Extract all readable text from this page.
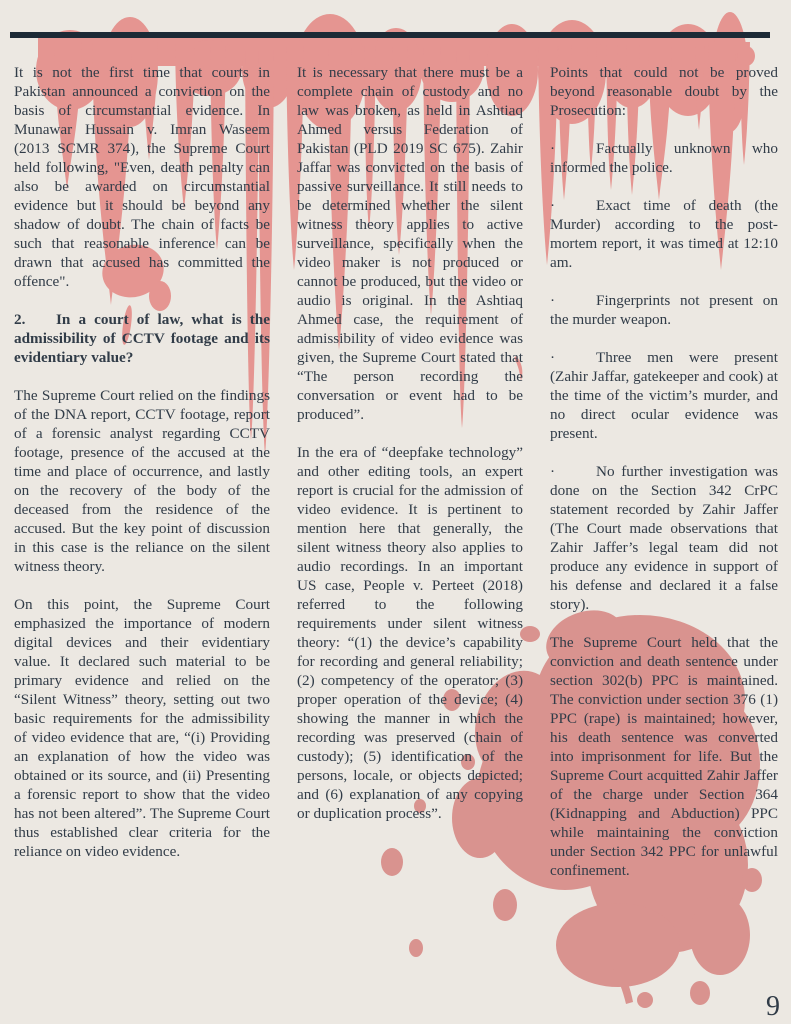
It is not the first time that courts in Pakistan announced a conviction on the basis of circumstantial evidence. In Munawar Hussain v. Imran Waseem (2013 SCMR 374), the Supreme Court held following, "Even, death penalty can also be awarded on circumstantial evidence but it should be beyond any shadow of doubt. The chain of facts be such that reasonable inference can be drawn that accused has committed the offence".

2. In a court of law, what is the admissibility of CCTV footage and its evidentiary value?

The Supreme Court relied on the findings of the DNA report, CCTV footage, report of a forensic analyst regarding CCTV footage, presence of the accused at the time and place of occurrence, and lastly on the recovery of the body of the deceased from the residence of the accused. But the key point of discussion in this case is the reliance on the silent witness theory.

On this point, the Supreme Court emphasized the importance of modern digital devices and their evidentiary value. It declared such material to be primary evidence and relied on the “Silent Witness” theory, setting out two basic requirements for the admissibility of video evidence that are, “(i) Providing an explanation of how the video was obtained or its source, and (ii) Presenting a forensic report to show that the video has not been altered”. The Supreme Court thus established clear criteria for the reliance on video evidence.

It is necessary that there must be a complete chain of custody and no law was broken, as held in Ashtiaq Ahmed versus Federation of Pakistan (PLD 2019 SC 675). Zahir Jaffar was convicted on the basis of passive surveillance. It still needs to be determined whether the silent witness theory applies to active surveillance, specifically when the video maker is not produced or cannot be produced, but the video or audio is original. In the Ashtiaq Ahmed case, the requirement of admissibility of video evidence was given, the Supreme Court stated that “The person recording the conversation or event had to be produced”.

In the era of “deepfake technology” and other editing tools, an expert report is crucial for the admission of video evidence. It is pertinent to mention here that generally, the silent witness theory also applies to audio recordings. In an important US case, People v. Perteet (2018) referred to the following requirements under silent witness theory: “(1) the device’s capability for recording and general reliability; (2) competency of the operator; (3) proper operation of the device; (4) showing the manner in which the recording was preserved (chain of custody); (5) identification of the persons, locale, or objects depicted; and (6) explanation of any copying or duplication process”.

Points that could not be proved beyond reasonable doubt by the Prosecution:

·	Factually unknown who informed the police.

·	Exact time of death (the Murder) according to the post-mortem report, it was timed at 12:10 am.

·	Fingerprints not present on the murder weapon.

·	Three men were present (Zahir Jaffar, gatekeeper and cook) at the time of the victim’s murder, and no direct ocular evidence was present.

·	No further investigation was done on the Section 342 CrPC statement recorded by Zahir Jaffer (The Court made observations that Zahir Jaffer’s legal team did not produce any evidence in support of his defense and declared it a false story).

The Supreme Court held that the conviction and death sentence under section 302(b) PPC is maintained. The conviction under section 376 (1) PPC (rape) is maintained; however, his death sentence was converted into imprisonment for life. But the Supreme Court acquitted Zahir Jaffer of the charge under Section 364 (Kidnapping and Abduction) PPC while maintaining the conviction under Section 342 PPC for unlawful confinement.

9
